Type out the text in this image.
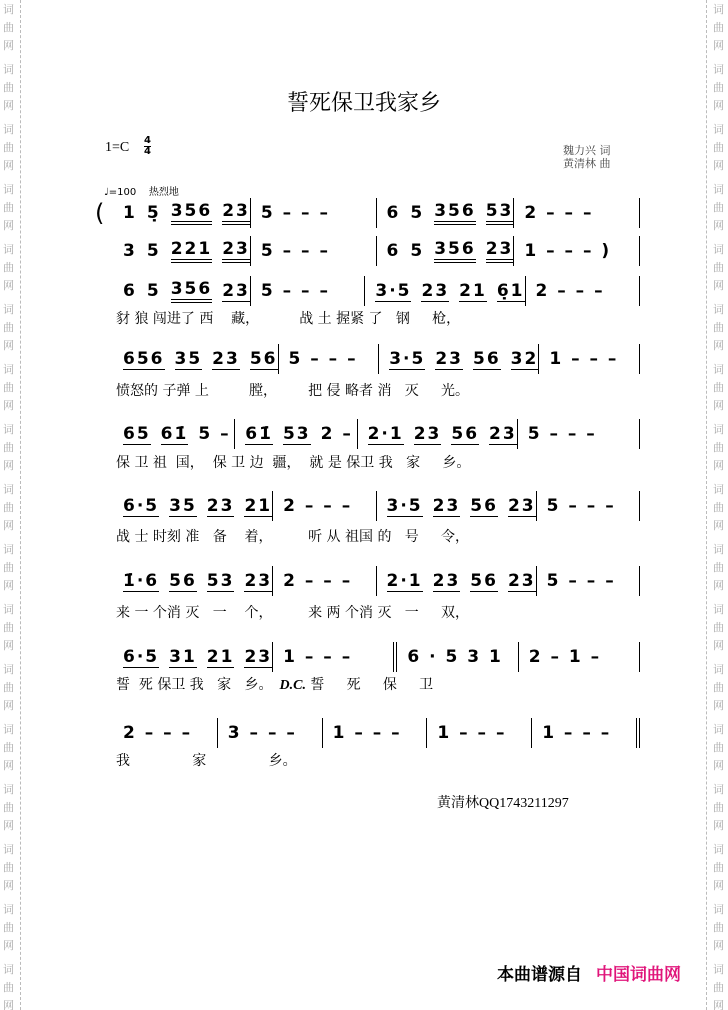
词
曲
网
词
曲
网
词
曲
网
词
曲
网
词
曲
网
词
曲
网
词
曲
网
词
曲
网
词
曲
网
词
曲
网
词
曲
网
词
曲
网
词
曲
网
词
曲
网
词
曲
网
词
曲
网
词
曲
网
词
曲
网
词
曲
网
词
曲
网
词
曲
网
词
曲
网
词
曲
网
词
曲
网
词
曲
网
词
曲
网
词
曲
网
词
曲
网
词
曲
网
词
曲
网
词
曲
网
词
曲
网
词
曲
网
词
曲
网
誓死保卫我家乡
1=C 4
4	魏力兴 词
黄清林 曲
♩=100    热烈地
(	1 5̣ 356 23 5 – – –	6 5 356 53 2 – – –
3 5 221 23 5 – – –	6 5 356 23 1 – – – )
6 5 356 23 5 – – –	3·5 23 21 6̣1 2 – – –
豺 狼 闯进了 西    藏，         战 土 握紧 了   钢     枪，
656 35 23 56 5 – – – 3·5 23 56 32 1 – – –
愤怒的 子弹 上         膛，       把 侵 略者 消   灭     光。
65 61̇ 5 – 61̇ 53 2 – 2·1 23 56 23 5 – – –
保 卫 祖  国，  保 卫 边  疆，  就 是 保卫 我   家     乡。
6·5 35 23 21 2 – – – 3·5 23 56 23 5 – – –
战 士 时刻 准   备    着，        听 从 祖国 的   号     令，
1̇·6 56 53 23 2 – – – 2·1 23 56 23 5 – – –
来 一 个消 灭   一    个，        来 两 个消 灭   一     双，
6·5 31 21 23 1 – – –	6 · 5 3 1 2 – 1 –
誓  死 保卫 我   家   乡。  D.C. 誓     死     保     卫
2 – – – 3 – – – 1 – – – 1 – – – 1 – – –
我              家              乡。
黄清林QQ1743211297
本曲谱源自 中国词曲网
